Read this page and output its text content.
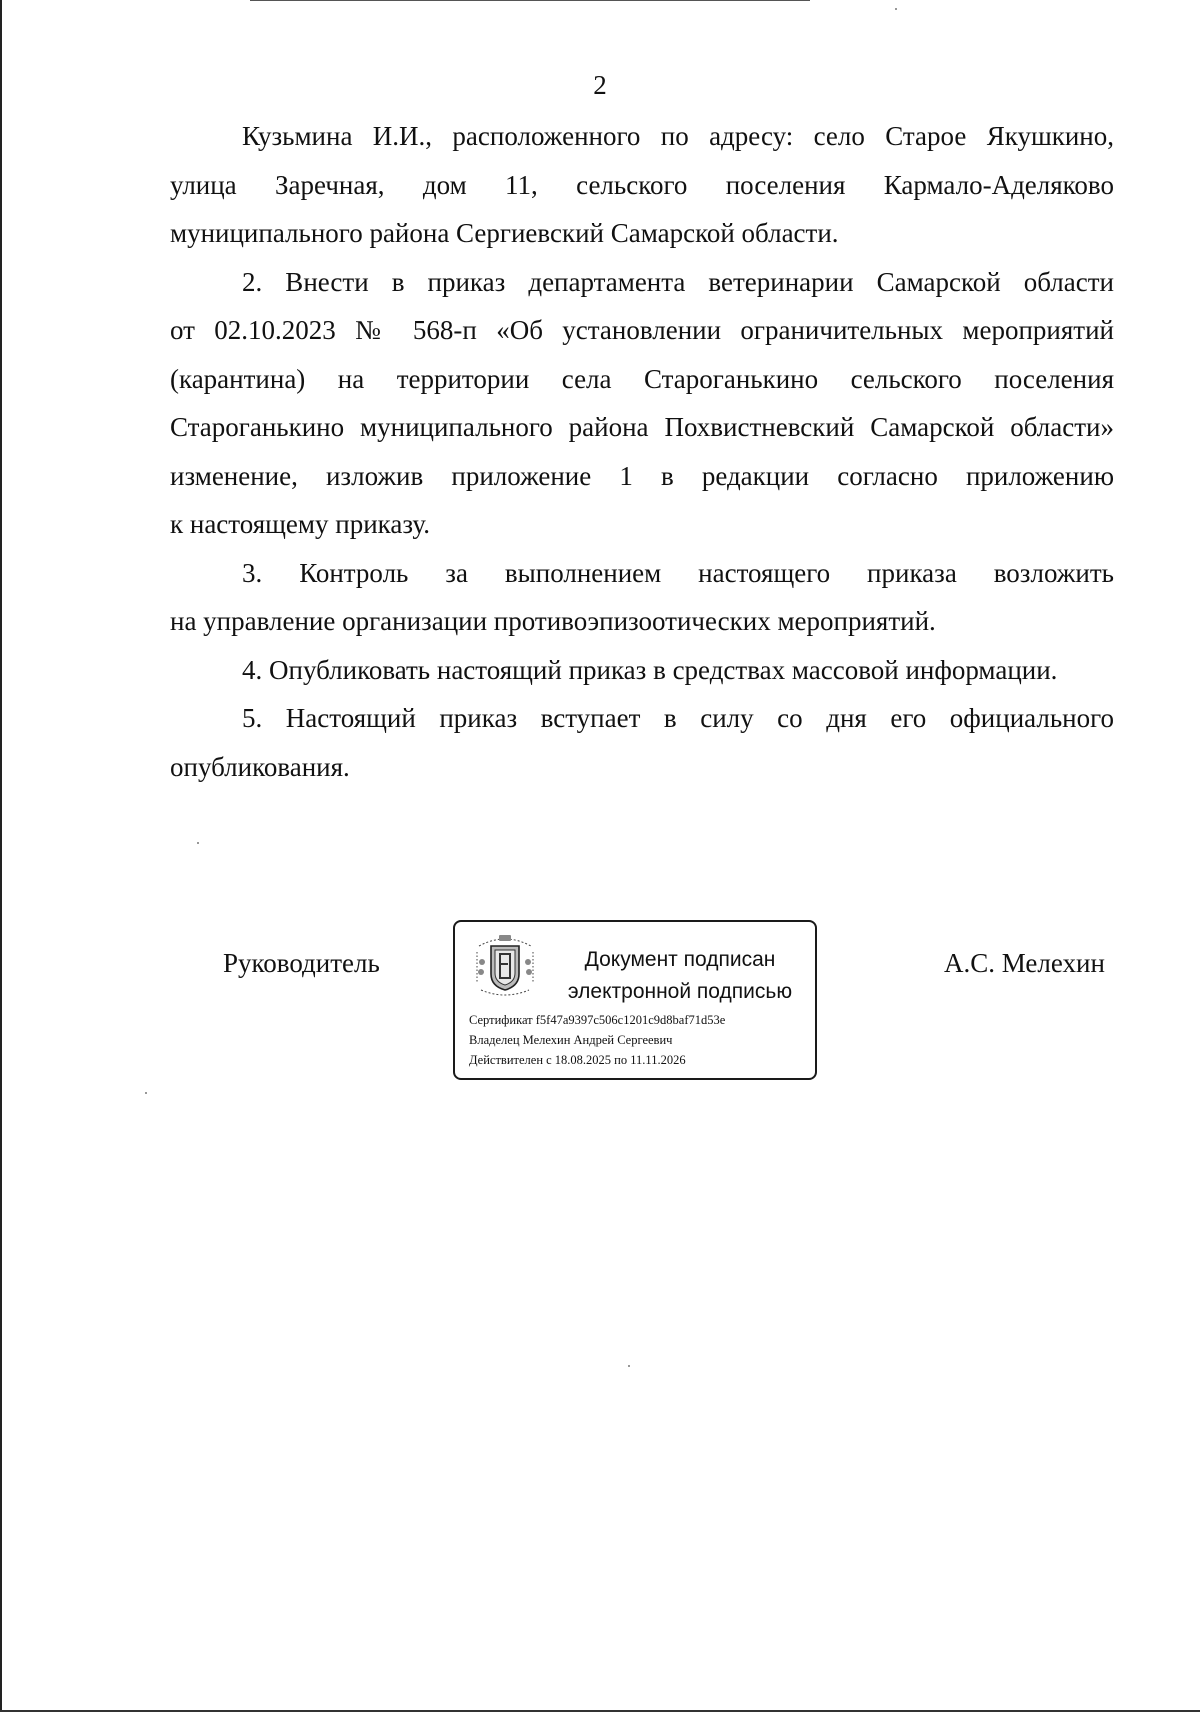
2

Кузьмина И.И., расположенного по адресу: село Старое Якушкино,
улица Заречная, дом 11, сельского поселения Кармало-Аделяково
муниципального района Сергиевский Самарской области.

2. Внести в приказ департамента ветеринарии Самарской области
от 02.10.2023 № 568-п «Об установлении ограничительных мероприятий
(карантина) на территории села Староганькино сельского поселения
Староганькино муниципального района Похвистневский Самарской области»
изменение, изложив приложение 1 в редакции согласно приложению
к настоящему приказу.

3. Контроль за выполнением настоящего приказа возложить
на управление организации противоэпизоотических мероприятий.

4. Опубликовать настоящий приказ в средствах массовой информации.

5. Настоящий приказ вступает в силу со дня его официального
опубликования.

Руководитель	Документ подписан
электронной подписью
Сертификат f5f47a9397c506c1201c9d8baf71d53e
Владелец Мелехин Андрей Сергеевич
Действителен с 18.08.2025 по 11.11.2026

А.С. Мелехин
